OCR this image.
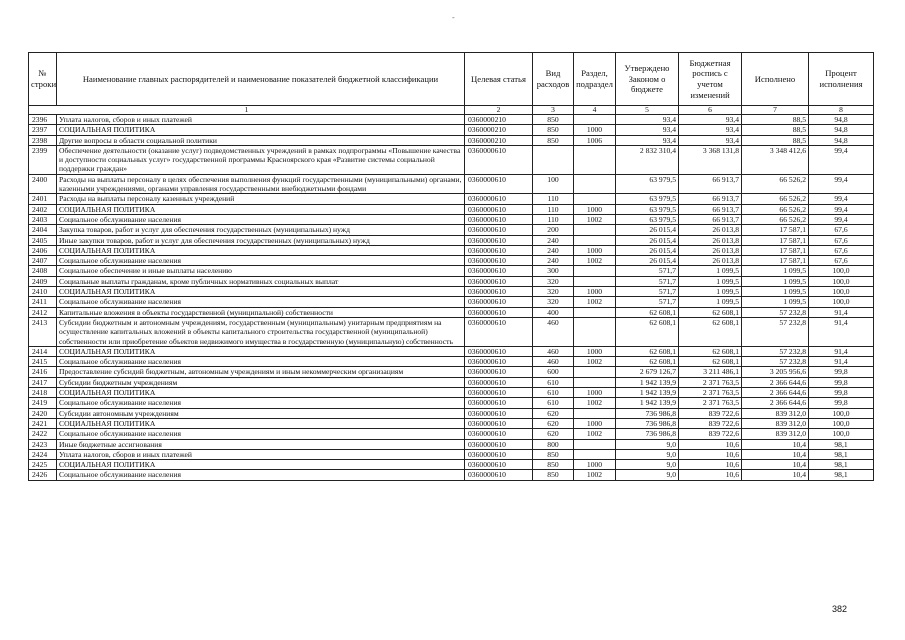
-
№ строки	Наименование главных распорядителей и наименование показателей бюджетной классификации	Целевая статья	Вид расходов	Раздел, подраздел	Утверждено Законом о бюджете	Бюджетная роспись с учетом изменений	Исполнено	Процент исполнения
1		2	3	4	5	6	7	8
2396	Уплата налогов, сборов и иных платежей	0360000210	850		93,4	93,4	88,5	94,8
2397	СОЦИАЛЬНАЯ ПОЛИТИКА	0360000210	850	1000	93,4	93,4	88,5	94,8
2398	Другие вопросы в области социальной политики	0360000210	850	1006	93,4	93,4	88,5	94,8
2399	Обеспечение деятельности (оказание услуг) подведомственных учреждений в рамках подпрограммы «Повышение качества и доступности социальных услуг» государственной программы Красноярского края «Развитие системы социальной поддержки граждан»	0360000610			2 832 310,4	3 368 131,8	3 348 412,6	99,4
2400	Расходы на выплаты персоналу в целях обеспечения выполнения функций государственными (муниципальными) органами, казенными учреждениями, органами управления государственными внебюджетными фондами	0360000610	100		63 979,5	66 913,7	66 526,2	99,4
2401	Расходы на выплаты персоналу казенных учреждений	0360000610	110		63 979,5	66 913,7	66 526,2	99,4
2402	СОЦИАЛЬНАЯ ПОЛИТИКА	0360000610	110	1000	63 979,5	66 913,7	66 526,2	99,4
2403	Социальное обслуживание населения	0360000610	110	1002	63 979,5	66 913,7	66 526,2	99,4
2404	Закупка товаров, работ и услуг для обеспечения государственных (муниципальных) нужд	0360000610	200		26 015,4	26 013,8	17 587,1	67,6
2405	Иные закупки товаров, работ и услуг для обеспечения государственных (муниципальных) нужд	0360000610	240		26 015,4	26 013,8	17 587,1	67,6
2406	СОЦИАЛЬНАЯ ПОЛИТИКА	0360000610	240	1000	26 015,4	26 013,8	17 587,1	67,6
2407	Социальное обслуживание населения	0360000610	240	1002	26 015,4	26 013,8	17 587,1	67,6
2408	Социальное обеспечение и иные выплаты населению	0360000610	300		571,7	1 099,5	1 099,5	100,0
2409	Социальные выплаты гражданам, кроме публичных нормативных социальных выплат	0360000610	320		571,7	1 099,5	1 099,5	100,0
2410	СОЦИАЛЬНАЯ ПОЛИТИКА	0360000610	320	1000	571,7	1 099,5	1 099,5	100,0
2411	Социальное обслуживание населения	0360000610	320	1002	571,7	1 099,5	1 099,5	100,0
2412	Капитальные вложения в объекты государственной (муниципальной) собственности	0360000610	400		62 608,1	62 608,1	57 232,8	91,4
2413	Субсидии бюджетным и автономным учреждениям, государственным (муниципальным) унитарным предприятиям на осуществление капитальных вложений в объекты капитального строительства государственной (муниципальной) собственности или приобретение объектов недвижимого имущества в государственную (муниципальную) собственность	0360000610	460		62 608,1	62 608,1	57 232,8	91,4
2414	СОЦИАЛЬНАЯ ПОЛИТИКА	0360000610	460	1000	62 608,1	62 608,1	57 232,8	91,4
2415	Социальное обслуживание населения	0360000610	460	1002	62 608,1	62 608,1	57 232,8	91,4
2416	Предоставление субсидий бюджетным, автономным учреждениям и иным некоммерческим организациям	0360000610	600		2 679 126,7	3 211 486,1	3 205 956,6	99,8
2417	Субсидии бюджетным учреждениям	0360000610	610		1 942 139,9	2 371 763,5	2 366 644,6	99,8
2418	СОЦИАЛЬНАЯ ПОЛИТИКА	0360000610	610	1000	1 942 139,9	2 371 763,5	2 366 644,6	99,8
2419	Социальное обслуживание населения	0360000610	610	1002	1 942 139,9	2 371 763,5	2 366 644,6	99,8
2420	Субсидии автономным учреждениям	0360000610	620		736 986,8	839 722,6	839 312,0	100,0
2421	СОЦИАЛЬНАЯ ПОЛИТИКА	0360000610	620	1000	736 986,8	839 722,6	839 312,0	100,0
2422	Социальное обслуживание населения	0360000610	620	1002	736 986,8	839 722,6	839 312,0	100,0
2423	Иные бюджетные ассигнования	0360000610	800		9,0	10,6	10,4	98,1
2424	Уплата налогов, сборов и иных платежей	0360000610	850		9,0	10,6	10,4	98,1
2425	СОЦИАЛЬНАЯ ПОЛИТИКА	0360000610	850	1000	9,0	10,6	10,4	98,1
2426	Социальное обслуживание населения	0360000610	850	1002	9,0	10,6	10,4	98,1
382
